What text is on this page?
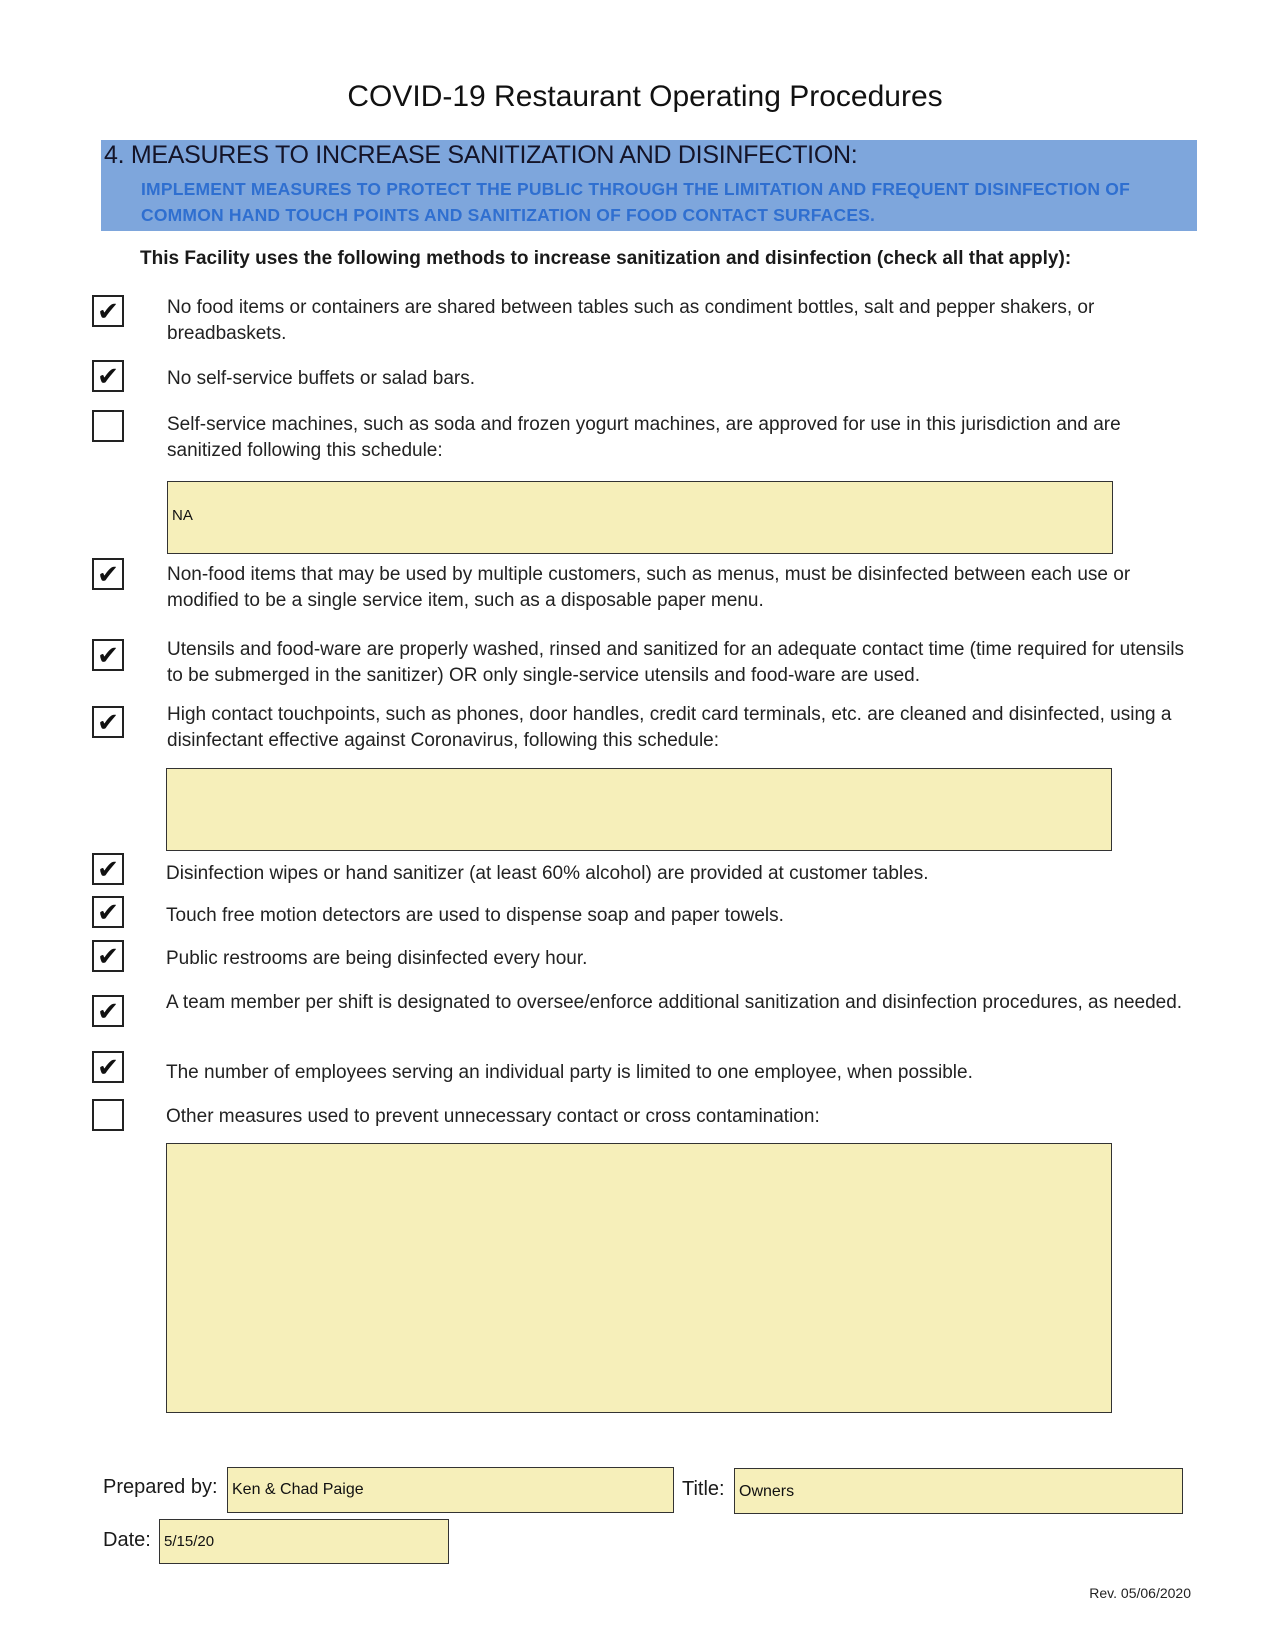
COVID-19 Restaurant Operating Procedures
4. MEASURES TO INCREASE SANITIZATION AND DISINFECTION:
IMPLEMENT MEASURES TO PROTECT THE PUBLIC THROUGH THE LIMITATION AND FREQUENT DISINFECTION OF COMMON HAND TOUCH POINTS AND SANITIZATION OF FOOD CONTACT SURFACES.
This Facility uses the following methods to increase sanitization and disinfection (check all that apply):
✔	No food items or containers are shared between tables such as condiment bottles, salt and pepper shakers, or breadbaskets.
✔	No self-service buffets or salad bars.
Self-service machines, such as soda and frozen yogurt machines, are approved for use in this jurisdiction and are sanitized following this schedule:
NA
✔	Non-food items that may be used by multiple customers, such as menus, must be disinfected between each use or modified to be a single service item, such as a disposable paper menu.
✔	Utensils and food-ware are properly washed, rinsed and sanitized for an adequate contact time (time required for utensils to be submerged in the sanitizer) OR only single-service utensils and food-ware are used.
✔	High contact touchpoints, such as phones, door handles, credit card terminals, etc. are cleaned and disinfected, using a disinfectant effective against Coronavirus, following this schedule:
✔ Disinfection wipes or hand sanitizer (at least 60% alcohol) are provided at customer tables.
✔ Touch free motion detectors are used to dispense soap and paper towels.
✔ Public restrooms are being disinfected every hour.
✔ A team member per shift is designated to oversee/enforce additional sanitization and disinfection procedures, as needed.
✔ The number of employees serving an individual party is limited to one employee, when possible.
Other measures used to prevent unnecessary contact or cross contamination:
Prepared by: Ken & Chad Paige	Title: Owners
Date: 5/15/20
Rev. 05/06/2020
